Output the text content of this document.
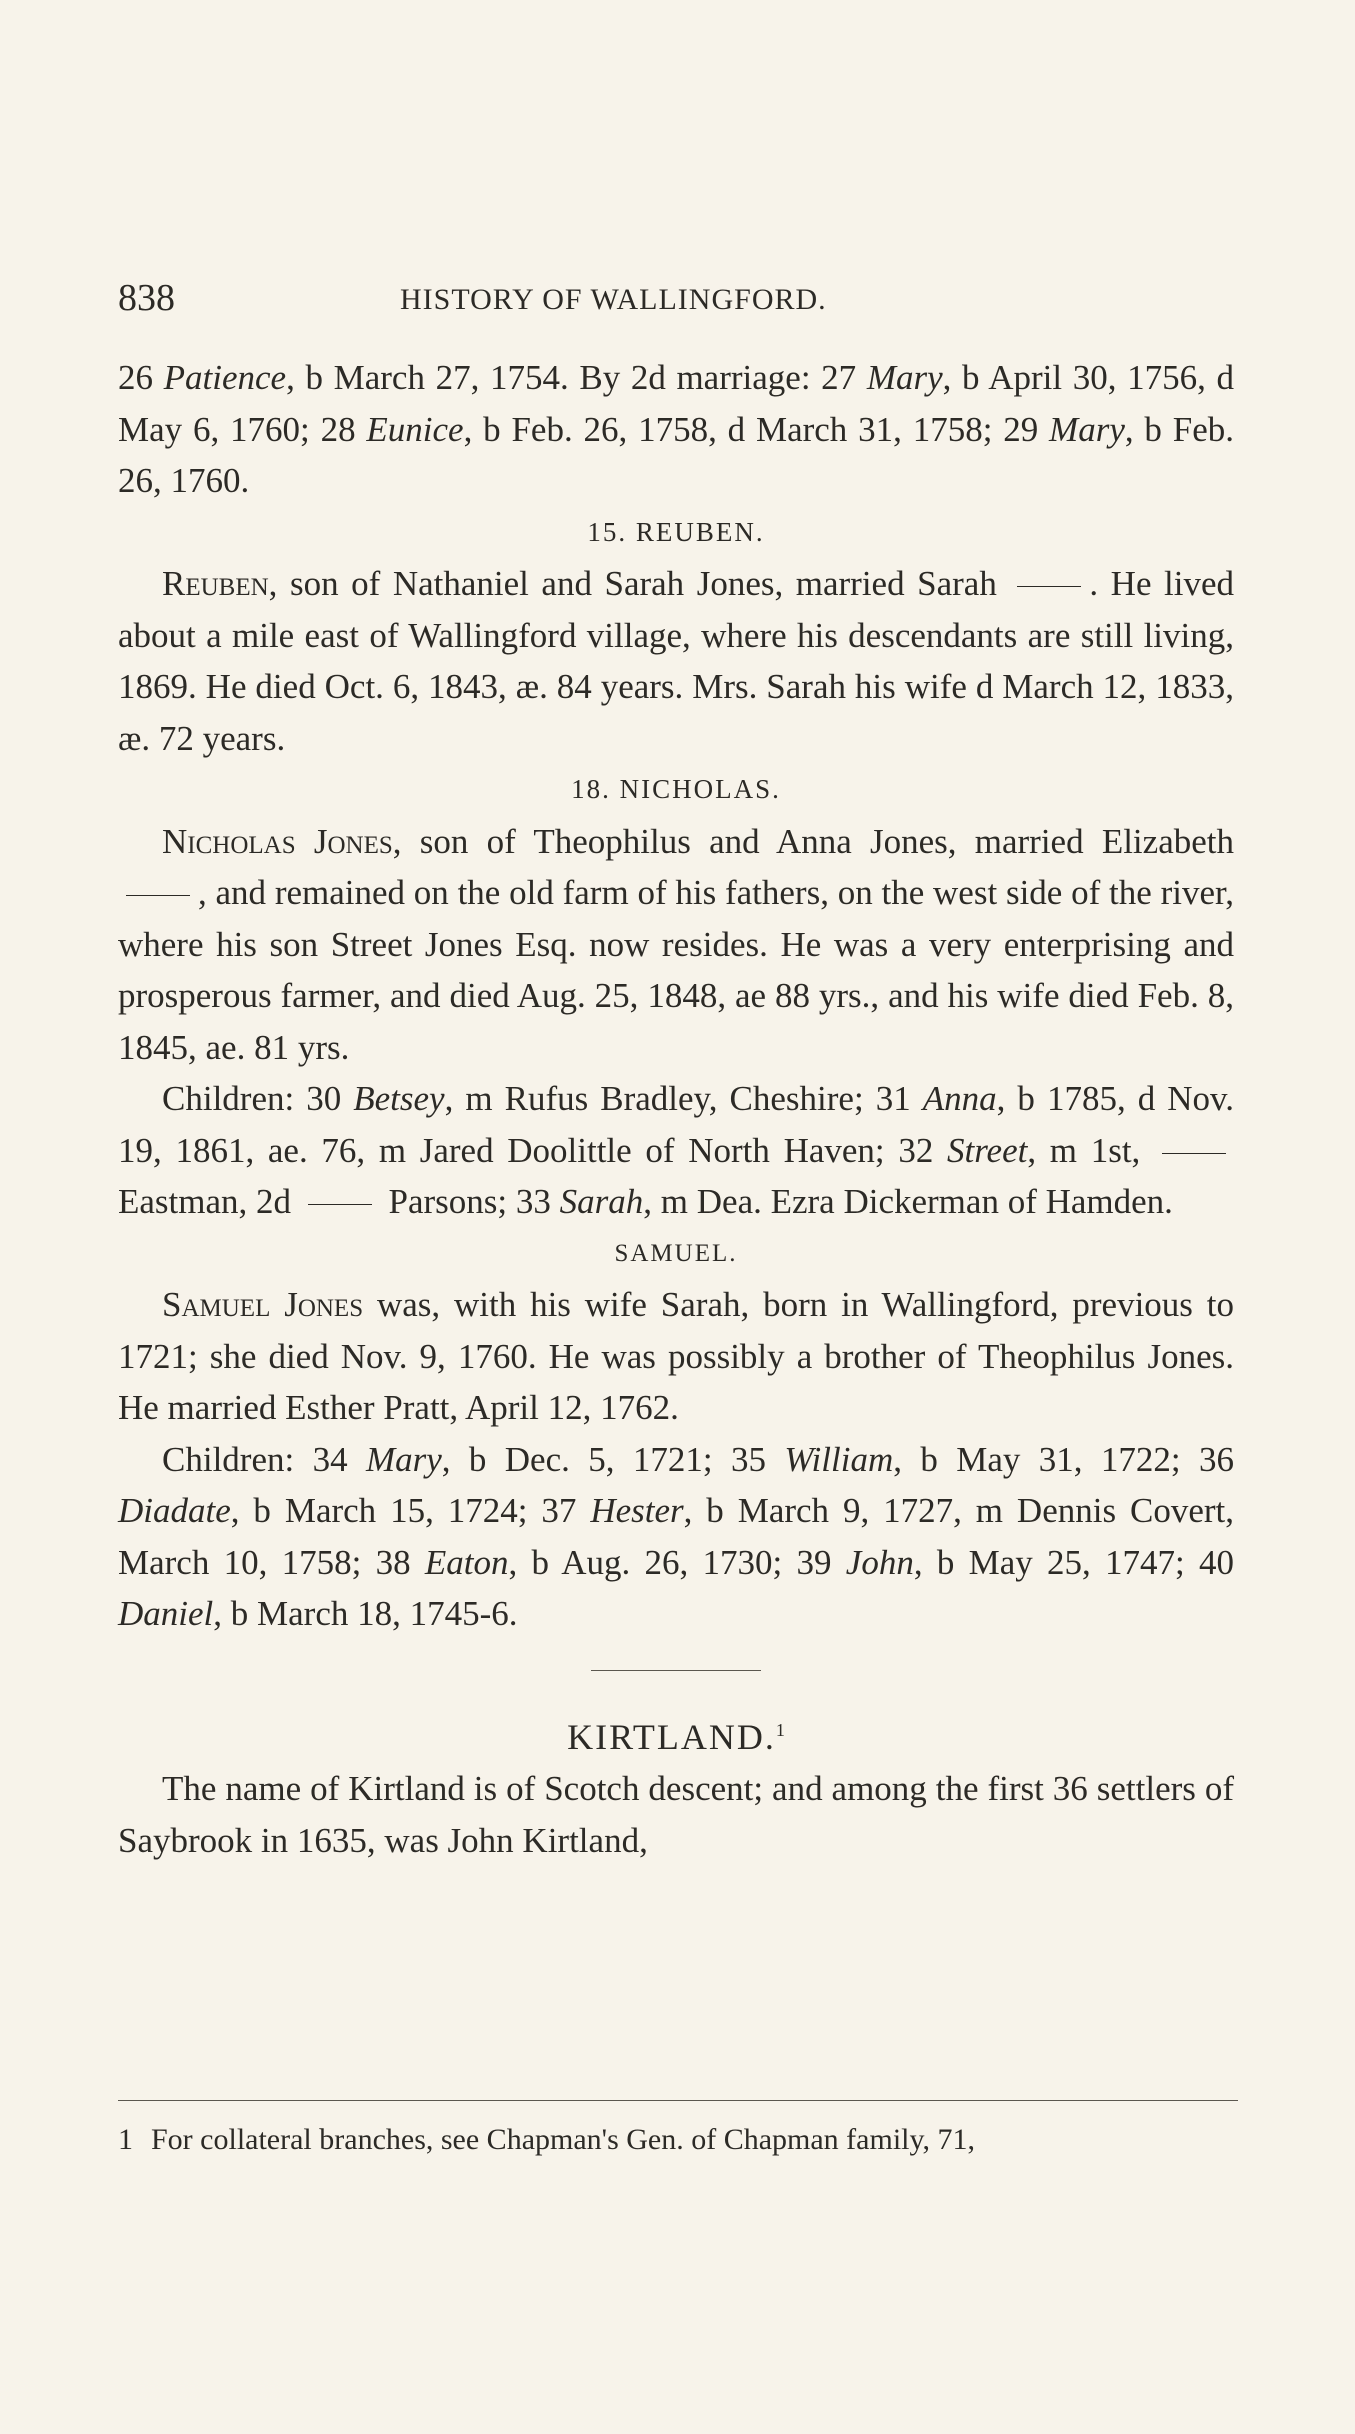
838	HISTORY OF WALLINGFORD.

26 Patience, b March 27, 1754. By 2d marriage: 27 Mary, b April 30, 1756, d May 6, 1760; 28 Eunice, b Feb. 26, 1758, d March 31, 1758; 29 Mary, b Feb. 26, 1760.

15. REUBEN.

Reuben, son of Nathaniel and Sarah Jones, married Sarah	. He lived about a mile east of Wallingford village, where his descendants are still living, 1869. He died Oct. 6, 1843, æ. 84 years. Mrs. Sarah his wife d March 12, 1833, æ. 72 years.

18. NICHOLAS.

Nicholas Jones, son of Theophilus and Anna Jones, married Elizabeth , and remained on the old farm of his fathers, on the west side of the river, where his son Street Jones Esq. now resides. He was a very enterprising and prosperous farmer, and died Aug. 25, 1848, ae 88 yrs., and his wife died Feb. 8, 1845, ae. 81 yrs.

Children: 30 Betsey, m Rufus Bradley, Cheshire; 31 Anna, b 1785, d Nov. 19, 1861, ae. 76, m Jared Doolittle of North Haven; 32 Street, m 1st,  Eastman, 2d	Parsons; 33 Sarah, m Dea. Ezra Dickerman of Hamden.

SAMUEL.

Samuel Jones was, with his wife Sarah, born in Wallingford, previous to 1721; she died Nov. 9, 1760. He was possibly a brother of Theophilus Jones. He married Esther Pratt, April 12, 1762.

Children: 34 Mary, b Dec. 5, 1721; 35 William, b May 31, 1722; 36 Diadate, b March 15, 1724; 37 Hester, b March 9, 1727, m Dennis Covert, March 10, 1758; 38 Eaton, b Aug. 26, 1730; 39 John, b May 25, 1747; 40 Daniel, b March 18, 1745-6.

KIRTLAND.$^1$

The name of Kirtland is of Scotch descent; and among the first 36 settlers of Saybrook in 1635, was John Kirtland,

1 For collateral branches, see Chapman's Gen. of Chapman family, 71,
